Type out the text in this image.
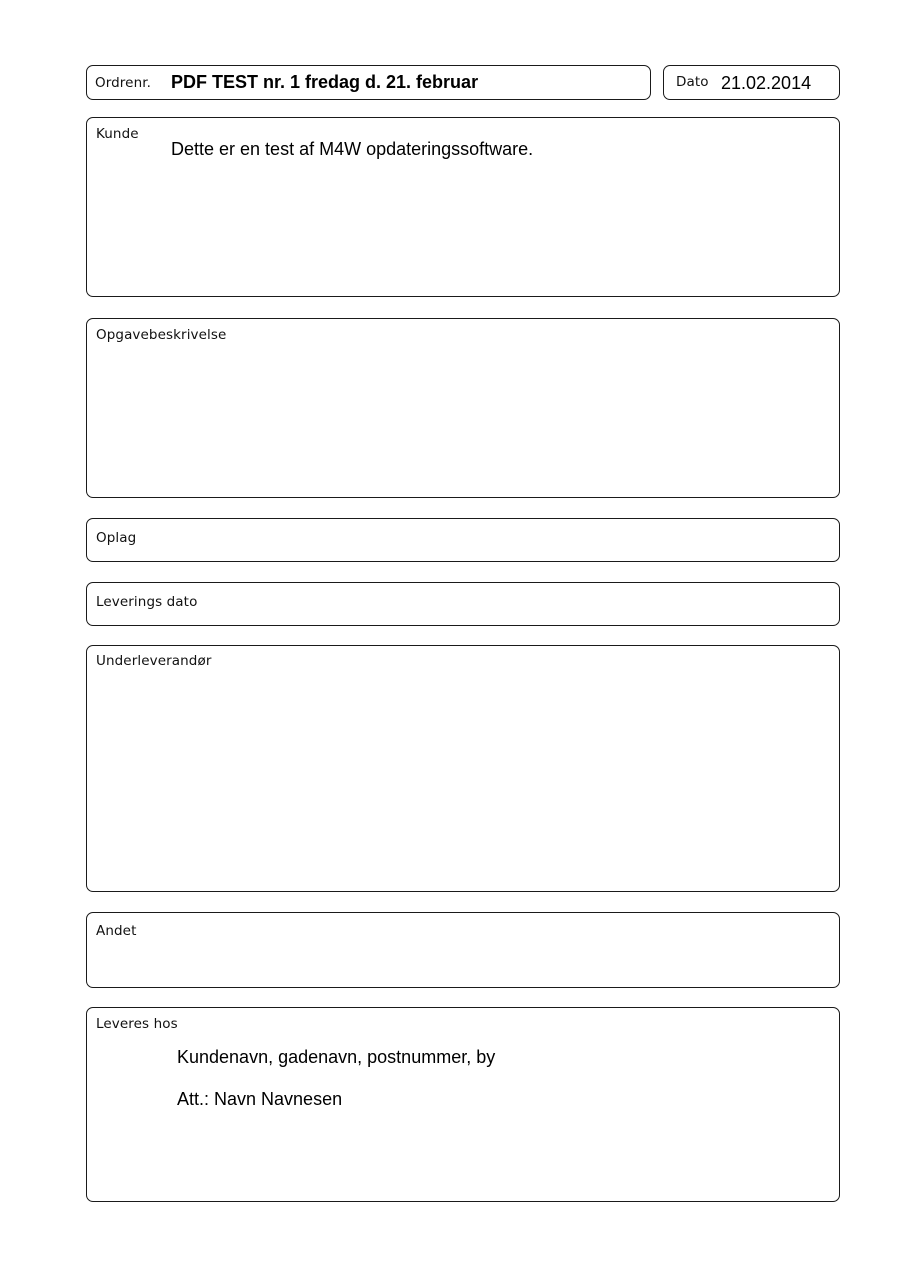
Ordrenr. PDF TEST nr. 1 fredag d. 21. februar	Dato 21.02.2014
Kunde
Dette er en test af M4W opdateringssoftware.
Opgavebeskrivelse
Oplag
Leverings dato
Underleverandør
Andet
Leveres hos
Kundenavn, gadenavn, postnummer, by
Att.: Navn Navnesen
